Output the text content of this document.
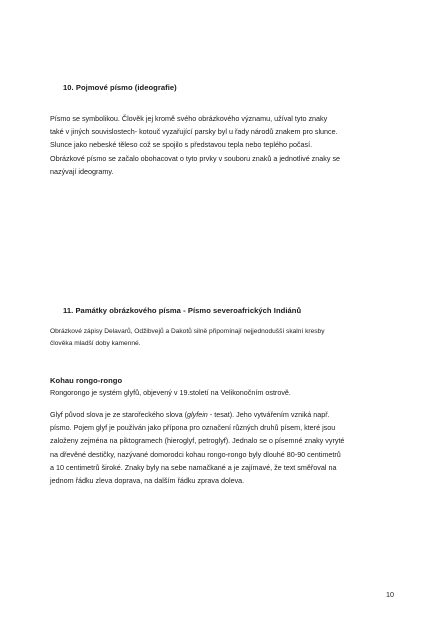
10. Pojmové písmo (ideografie)
Písmo se symbolikou. Člověk jej kromě svého obrázkového významu, užíval tyto znaky
také v jiných souvislostech- kotouč vyzařující parsky byl u řady národů znakem pro slunce.
Slunce jako nebeské těleso což se spojilo s představou tepla nebo teplého počasí.
Obrázkové písmo se začalo obohacovat o tyto prvky v souboru znaků a jednotlivé znaky se
nazývají ideogramy.
11. Památky obrázkového písma - Písmo severoafrických Indiánů
Obrázkové zápisy Delavarů, Odžibvejů a Dakotů silně připomínají nejjednodušší skalní kresby
člověka mladší doby kamenné.
Kohau rongo-rongo
Rongorongo je systém glyfů, objevený v 19.století na Velikonočním ostrově.
Glyf původ slova je ze starořeckého slova (glyfein - tesat). Jeho vytvářením vzniká např.
písmo. Pojem glyf je používán jako přípona pro označení různých druhů písem, které jsou
založeny zejména na piktogramech (hieroglyf, petroglyf). Jednalo se o písemné znaky vyryté
na dřevěné destičky, nazývané domorodci kohau rongo-rongo byly dlouhé 80-90 centimetrů
a 10 centimetrů široké. Znaky byly na sebe namačkané a je zajímavé, že text směřoval na
jednom řádku zleva doprava, na dalším řádku zprava doleva.
10
